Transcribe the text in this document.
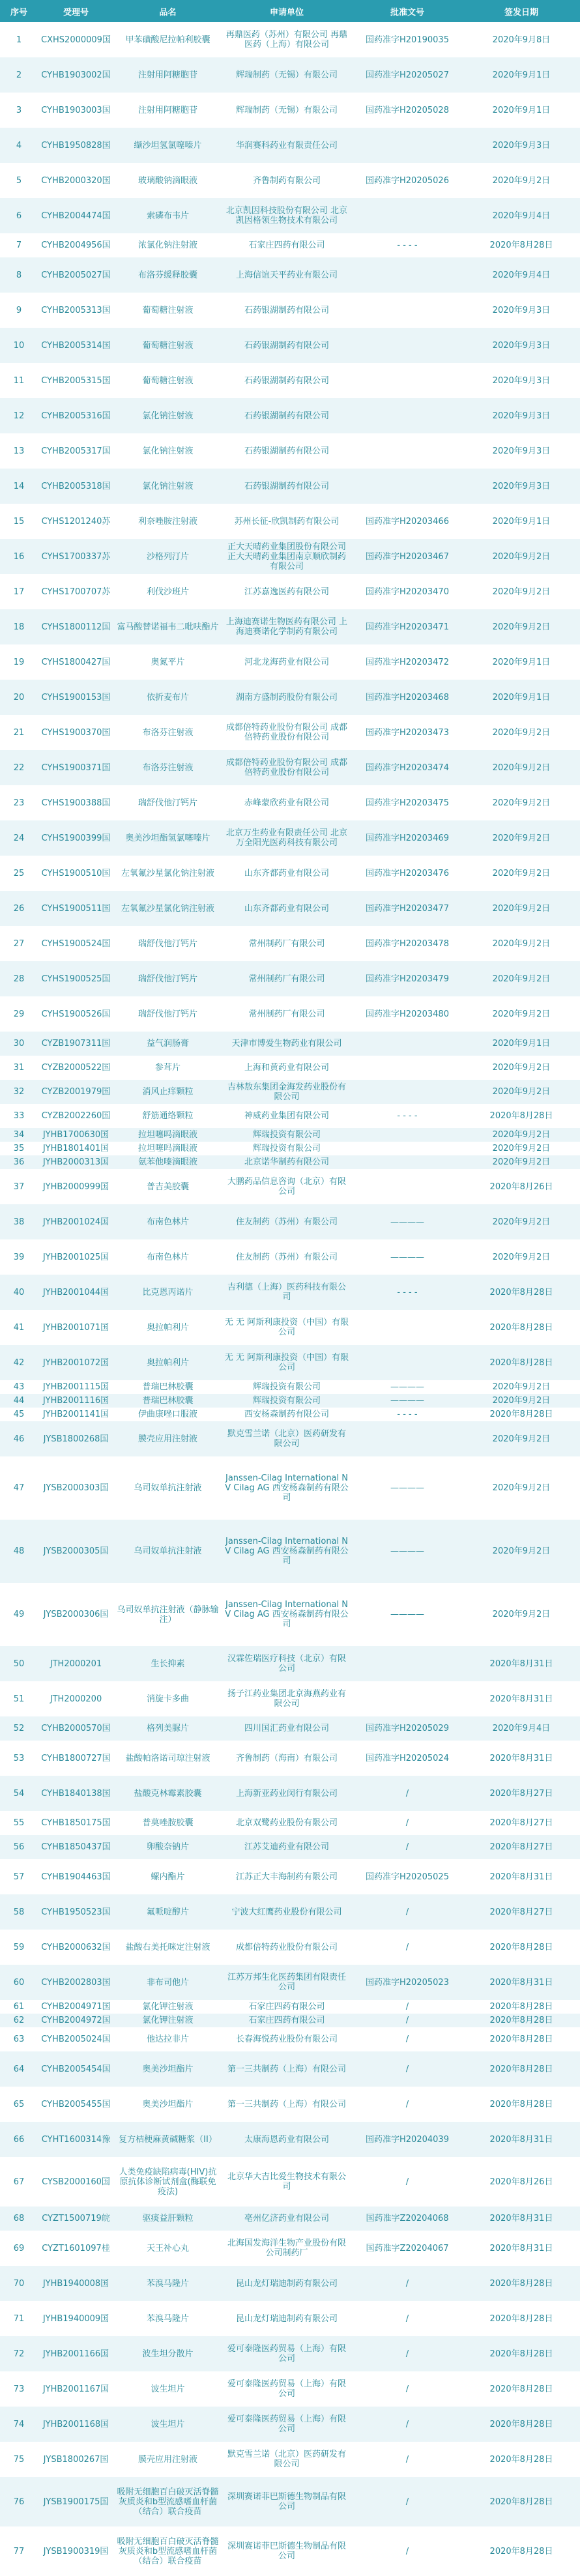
序号	受理号	品名	申请单位	批准文号	签发日期
1	CXHS2000009国	甲苯磺酸尼拉帕利胶囊	再鼎医药（苏州）有限公司 再鼎医药（上海）有限公司	国药准字H20190035	2020年9月8日
2	CYHB1903002国	注射用阿糖胞苷	辉瑞制药（无锡）有限公司	国药准字H20205027	2020年9月1日
3	CYHB1903003国	注射用阿糖胞苷	辉瑞制药（无锡）有限公司	国药准字H20205028	2020年9月1日
4	CYHB1950828国	缬沙坦氢氯噻嗪片	华润赛科药业有限责任公司		2020年9月3日
5	CYHB2000320国	玻璃酸钠滴眼液	齐鲁制药有限公司	国药准字H20205026	2020年9月2日
6	CYHB2004474国	索磷布韦片	北京凯因科技股份有限公司 北京凯因格领生物技术有限公司		2020年9月4日
7	CYHB2004956国	浓氯化钠注射液	石家庄四药有限公司	- - - -	2020年8月28日
8	CYHB2005027国	布洛芬缓释胶囊	上海信谊天平药业有限公司		2020年9月4日
9	CYHB2005313国	葡萄糖注射液	石药银湖制药有限公司		2020年9月3日
10	CYHB2005314国	葡萄糖注射液	石药银湖制药有限公司		2020年9月3日
11	CYHB2005315国	葡萄糖注射液	石药银湖制药有限公司		2020年9月3日
12	CYHB2005316国	氯化钠注射液	石药银湖制药有限公司		2020年9月3日
13	CYHB2005317国	氯化钠注射液	石药银湖制药有限公司		2020年9月3日
14	CYHB2005318国	氯化钠注射液	石药银湖制药有限公司		2020年9月3日
15	CYHS1201240苏	利奈唑胺注射液	苏州长征-欣凯制药有限公司	国药准字H20203466	2020年9月1日
16	CYHS1700337苏	沙格列汀片	正大天晴药业集团股份有限公司 正大天晴药业集团南京顺欣制药有限公司	国药准字H20203467	2020年9月2日
17	CYHS1700707苏	利伐沙班片	江苏嘉逸医药有限公司	国药准字H20203470	2020年9月2日
18	CYHS1800112国	富马酸替诺福韦二吡呋酯片	上海迪赛诺生物医药有限公司 上海迪赛诺化学制药有限公司	国药准字H20203471	2020年9月2日
19	CYHS1800427国	奥氮平片	河北龙海药业有限公司	国药准字H20203472	2020年9月1日
20	CYHS1900153国	依折麦布片	湖南方盛制药股份有限公司	国药准字H20203468	2020年9月1日
21	CYHS1900370国	布洛芬注射液	成都倍特药业股份有限公司 成都倍特药业股份有限公司	国药准字H20203473	2020年9月2日
22	CYHS1900371国	布洛芬注射液	成都倍特药业股份有限公司 成都倍特药业股份有限公司	国药准字H20203474	2020年9月2日
23	CYHS1900388国	瑞舒伐他汀钙片	赤峰蒙欣药业有限公司	国药准字H20203475	2020年9月2日
24	CYHS1900399国	奥美沙坦酯氢氯噻嗪片	北京万生药业有限责任公司 北京万全阳光医药科技有限公司	国药准字H20203469	2020年9月2日
25	CYHS1900510国	左氧氟沙星氯化钠注射液	山东齐都药业有限公司	国药准字H20203476	2020年9月2日
26	CYHS1900511国	左氧氟沙星氯化钠注射液	山东齐都药业有限公司	国药准字H20203477	2020年9月2日
27	CYHS1900524国	瑞舒伐他汀钙片	常州制药厂有限公司	国药准字H20203478	2020年9月2日
28	CYHS1900525国	瑞舒伐他汀钙片	常州制药厂有限公司	国药准字H20203479	2020年9月2日
29	CYHS1900526国	瑞舒伐他汀钙片	常州制药厂有限公司	国药准字H20203480	2020年9月2日
30	CYZB1907311国	益气润肠膏	天津市博爱生物药业有限公司		2020年9月1日
31	CYZB2000522国	参茸片	上海和黄药业有限公司		2020年9月2日
32	CYZB2001979国	消风止痒颗粒	吉林敖东集团金海发药业股份有限公司		2020年9月2日
33	CYZB2002260国	舒筋通络颗粒	神威药业集团有限公司	- - - -	2020年8月28日
34	JYHB1700630国	拉坦噻吗滴眼液	辉瑞投资有限公司		2020年9月2日
35	JYHB1801401国	拉坦噻吗滴眼液	辉瑞投资有限公司		2020年9月2日
36	JYHB2000313国	氨苯他嗪滴眼液	北京诺华制药有限公司		2020年9月2日
37	JYHB2000999国	普吉美胶囊	大鹏药品信息咨询（北京）有限公司		2020年8月26日
38	JYHB2001024国	布南色林片	住友制药（苏州）有限公司	————	2020年9月2日
39	JYHB2001025国	布南色林片	住友制药（苏州）有限公司	————	2020年9月2日
40	JYHB2001044国	比克恩丙诺片	吉利德（上海）医药科技有限公司	- - - -	2020年8月28日
41	JYHB2001071国	奥拉帕利片	无 无 阿斯利康投资（中国）有限公司		2020年8月28日
42	JYHB2001072国	奥拉帕利片	无 无 阿斯利康投资（中国）有限公司		2020年8月28日
43	JYHB2001115国	普瑞巴林胶囊	辉瑞投资有限公司	————	2020年9月2日
44	JYHB2001116国	普瑞巴林胶囊	辉瑞投资有限公司	————	2020年9月2日
45	JYHB2001141国	伊曲康唑口服液	西安杨森制药有限公司	- - - -	2020年8月28日
46	JYSB1800268国	膜壳应用注射液	默克雪兰诺（北京）医药研发有限公司		2020年9月2日
47	JYSB2000303国	乌司奴单抗注射液	Janssen-Cilag International NV Cilag AG 西安杨森制药有限公司	————	2020年9月2日
48	JYSB2000305国	乌司奴单抗注射液	Janssen-Cilag International NV Cilag AG 西安杨森制药有限公司	————	2020年9月2日
49	JYSB2000306国	乌司奴单抗注射液（静脉输注）	Janssen-Cilag International NV Cilag AG 西安杨森制药有限公司	————	2020年9月2日
50	JTH2000201	生长抑素	汉霖佐瑞医疗科技（北京）有限公司		2020年8月31日
51	JTH2000200	消旋卡多曲	扬子江药业集团北京海燕药业有限公司		2020年8月31日
52	CYHB2000570国	格列美脲片	四川国汇药业有限公司	国药准字H20205029	2020年9月4日
53	CYHB1800727国	盐酸帕洛诺司琼注射液	齐鲁制药（海南）有限公司	国药准字H20205024	2020年8月31日
54	CYHB1840138国	盐酸克林霉素胶囊	上海新亚药业闵行有限公司	/	2020年8月27日
55	CYHB1850175国	普莫唑胺胶囊	北京双鹭药业股份有限公司	/	2020年8月27日
56	CYHB1850437国	卵酸奈钠片	江苏艾迪药业有限公司	/	2020年8月27日
57	CYHB1904463国	螺内酯片	江苏正大丰海制药有限公司	国药准字H20205025	2020年8月31日
58	CYHB1950523国	氟哌啶醇片	宁波大红鹰药业股份有限公司	/	2020年8月27日
59	CYHB2000632国	盐酸右美托咪定注射液	成都倍特药业股份有限公司	/	2020年8月28日
60	CYHB2002803国	非布司他片	江苏万邦生化医药集团有限责任公司	国药准字H20205023	2020年8月31日
61	CYHB2004971国	氯化钾注射液	石家庄四药有限公司	/	2020年8月28日
62	CYHB2004972国	氯化钾注射液	石家庄四药有限公司	/	2020年8月28日
63	CYHB2005024国	他达拉非片	长春海悦药业股份有限公司	/	2020年8月28日
64	CYHB2005454国	奥美沙坦酯片	第一三共制药（上海）有限公司	/	2020年8月28日
65	CYHB2005455国	奥美沙坦酯片	第一三共制药（上海）有限公司	/	2020年8月28日
66	CYHT1600314豫	复方桔梗麻黄碱糖浆（II）	太康海恩药业有限公司	国药准字H20204039	2020年8月31日
67	CYSB2000160国	人类免疫缺陷病毒(HIV)抗原抗体诊断试剂盒(酶联免疫法)	北京华大吉比爱生物技术有限公司	/	2020年8月26日
68	CYZT1500719皖	驱痰益肝颗粒	亳州亿济药业有限公司	国药准字Z20204068	2020年8月31日
69	CYZT1601097桂	天王补心丸	北海国发海洋生物产业股份有限公司制药厂	国药准字Z20204067	2020年8月31日
70	JYHB1940008国	苯溴马隆片	昆山龙灯瑞迪制药有限公司	/	2020年8月28日
71	JYHB1940009国	苯溴马隆片	昆山龙灯瑞迪制药有限公司	/	2020年8月28日
72	JYHB2001166国	波生坦分散片	爱可泰隆医药贸易（上海）有限公司	/	2020年8月28日
73	JYHB2001167国	波生坦片	爱可泰隆医药贸易（上海）有限公司	/	2020年8月28日
74	JYHB2001168国	波生坦片	爱可泰隆医药贸易（上海）有限公司	/	2020年8月28日
75	JYSB1800267国	膜壳应用注射液	默克雪兰诺（北京）医药研发有限公司	/	2020年8月28日
76	JYSB1900175国	吸附无细胞百白破灭活脊髓灰质炎和b型流感嗜血杆菌（结合）联合疫苗	深圳赛诺菲巴斯德生物制品有限公司	/	2020年8月28日
77	JYSB1900319国	吸附无细胞百白破灭活脊髓灰质炎和b型流感嗜血杆菌（结合）联合疫苗	深圳赛诺菲巴斯德生物制品有限公司	/	2020年8月28日
